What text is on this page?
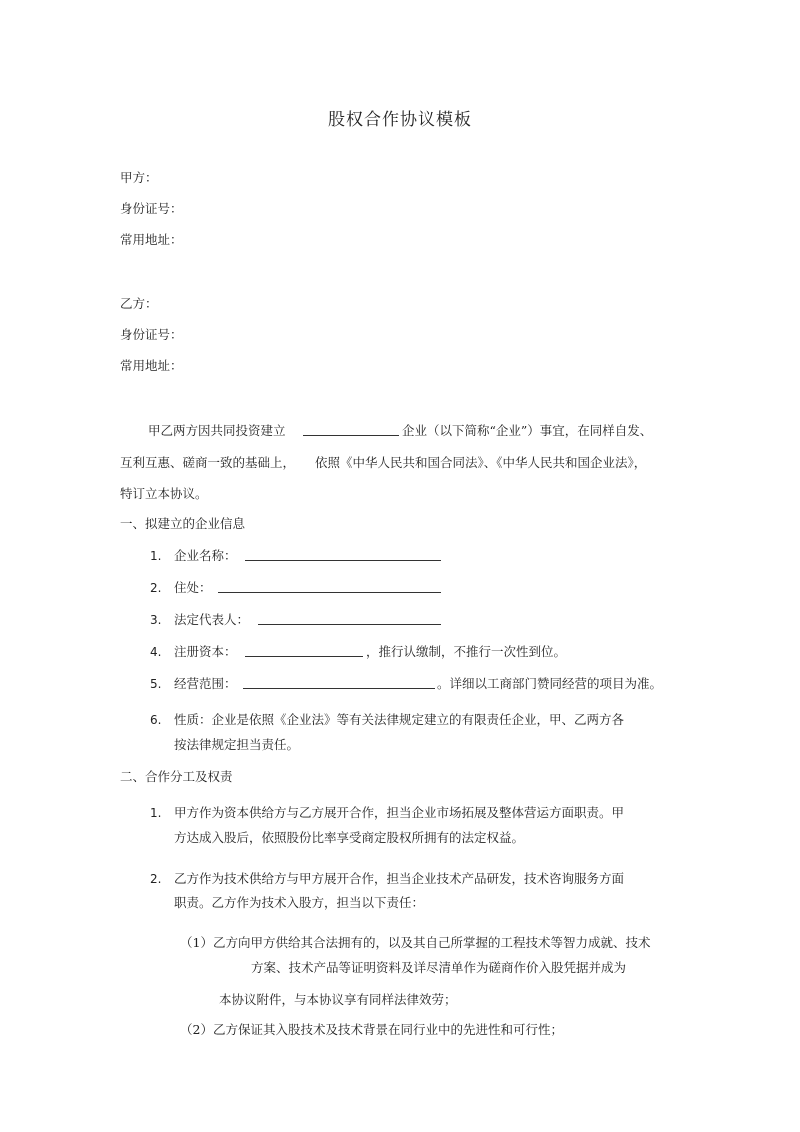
股权合作协议模板
甲方：
身份证号：
常用地址：
乙方：
身份证号：
常用地址：
甲乙两方因共同投资建立	企业（以下简称“企业”）事宜，在同样自发、
互利互惠、磋商一致的基础上， 依照《中华人民共和国合同法》、《中华人民共和国企业法》，
特订立本协议。
一、拟建立的企业信息
1. 企业名称：
2. 住处：
3. 法定代表人：
4. 注册资本：	，推行认缴制，不推行一次性到位。
5. 经营范围：	。详细以工商部门赞同经营的项目为准。
6. 性质：企业是依照《企业法》等有关法律规定建立的有限责任企业，甲、乙两方各
按法律规定担当责任。
二、合作分工及权责
1. 甲方作为资本供给方与乙方展开合作，担当企业市场拓展及整体营运方面职责。甲
方达成入股后，依照股份比率享受商定股权所拥有的法定权益。
2. 乙方作为技术供给方与甲方展开合作，担当企业技术产品研发，技术咨询服务方面
职责。乙方作为技术入股方，担当以下责任：
（1）乙方向甲方供给其合法拥有的，以及其自己所掌握的工程技术等智力成就、技术
方案、技术产品等证明资料及详尽清单作为磋商作价入股凭据并成为
本协议附件，与本协议享有同样法律效劳；
（2）乙方保证其入股技术及技术背景在同行业中的先进性和可行性；
